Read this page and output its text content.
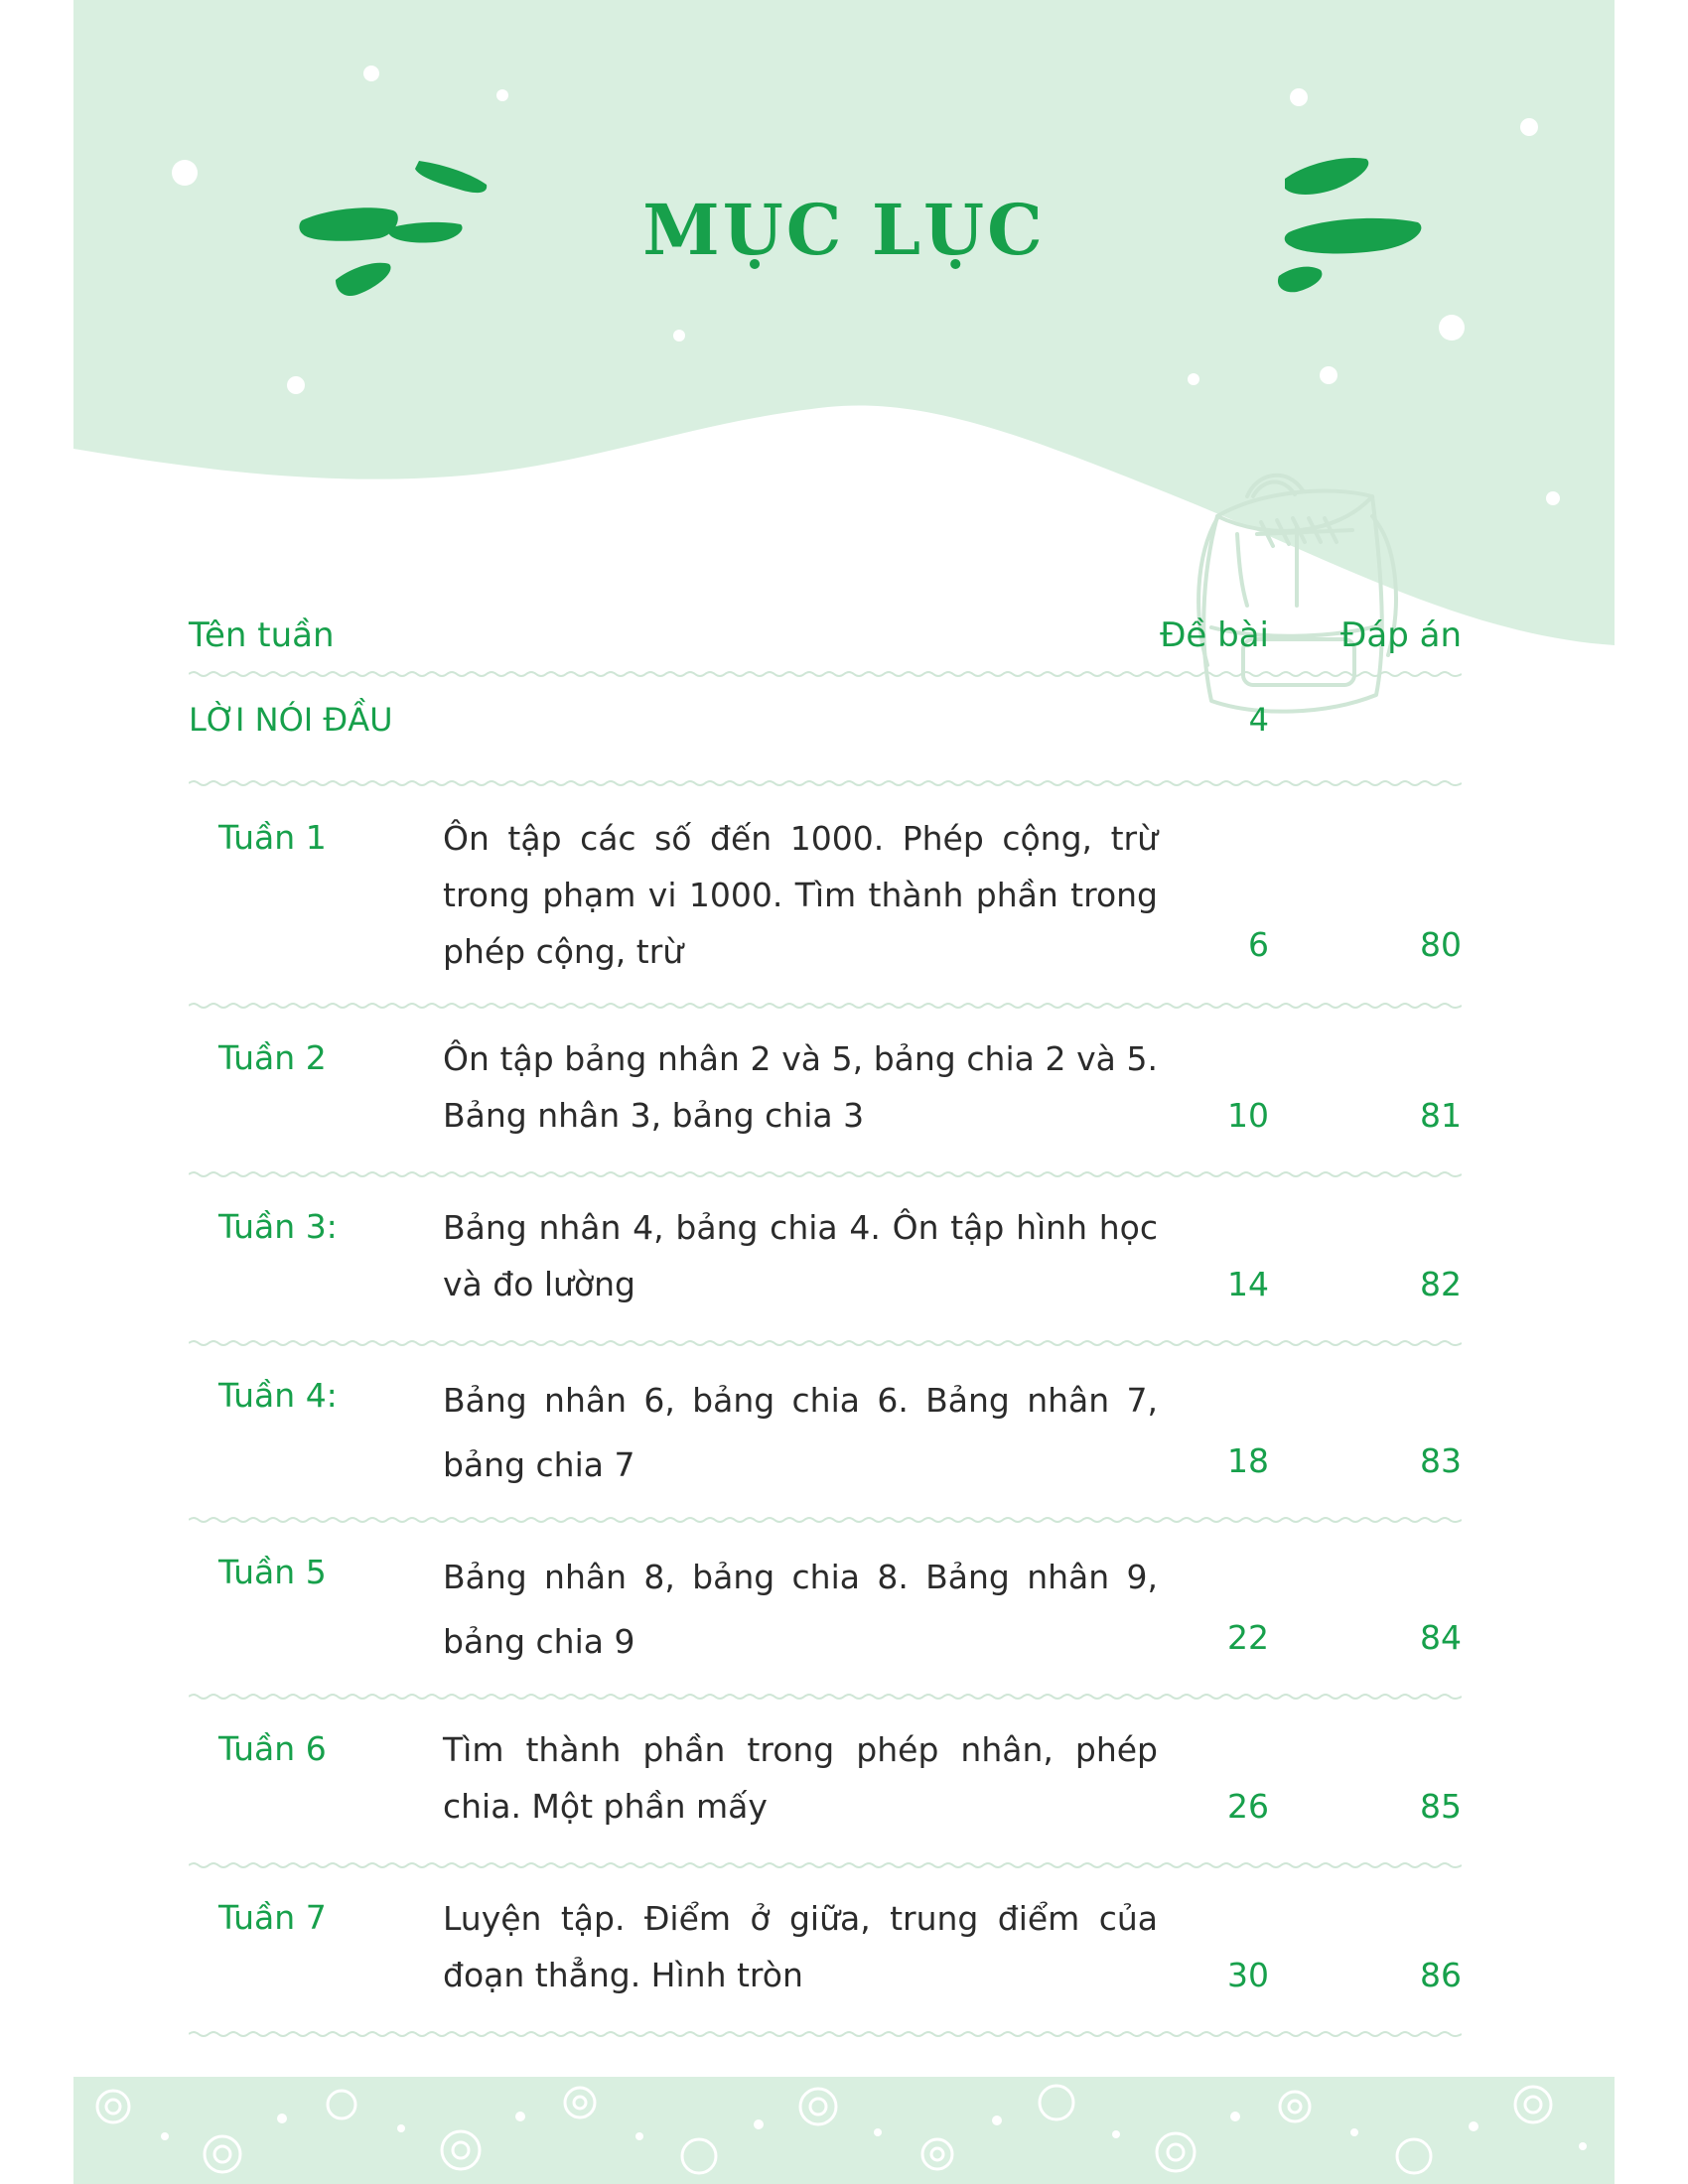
MỤC LỤC
Tên tuần	Đề bài Đáp án
LỜI NÓI ĐẦU	4
Tuần 1	Ôn tập các số đến 1000. Phép cộng, trừ trong phạm vi 1000. Tìm thành phần trong phép cộng, trừ	6	80
Tuần 2	Ôn tập bảng nhân 2 và 5, bảng chia 2 và 5. Bảng nhân 3, bảng chia 3	10	81
Tuần 3:	Bảng nhân 4, bảng chia 4. Ôn tập hình học và đo lường	14	82
Tuần 4:	Bảng nhân 6, bảng chia 6. Bảng nhân 7, bảng chia 7	18	83
Tuần 5	Bảng nhân 8, bảng chia 8. Bảng nhân 9, bảng chia 9	22	84
Tuần 6	Tìm thành phần trong phép nhân, phép chia. Một phần mấy	26	85
Tuần 7	Luyện tập. Điểm ở giữa, trung điểm của đoạn thẳng. Hình tròn	30	86
